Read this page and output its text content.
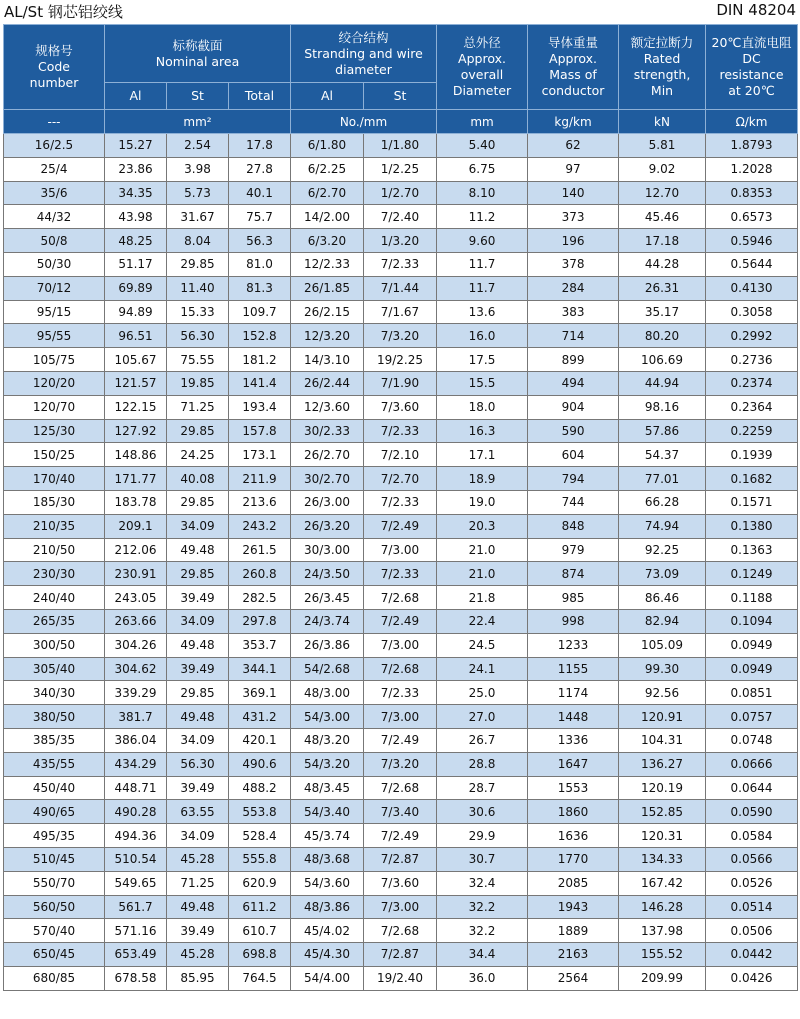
AL/St 钢芯铝绞线	DIN 48204
规格号
Code
number	标称截面
Nominal area			绞合结构
Stranding and wire
diameter		总外径
Approx.
overall
Diameter	导体重量
Approx.
Mass of
conductor	额定拉断力
Rated
strength,
Min	20℃直流电阻
DC
resistance
at 20℃

	Al	St	Total	Al	St				
---	mm²			No./mm		mm	kg/km	kN	Ω/km
16/2.5	15.27	2.54	17.8	6/1.80	1/1.80	5.40	62	5.81	1.8793
25/4	23.86	3.98	27.8	6/2.25	1/2.25	6.75	97	9.02	1.2028
35/6	34.35	5.73	40.1	6/2.70	1/2.70	8.10	140	12.70	0.8353
44/32	43.98	31.67	75.7	14/2.00	7/2.40	11.2	373	45.46	0.6573
50/8	48.25	8.04	56.3	6/3.20	1/3.20	9.60	196	17.18	0.5946
50/30	51.17	29.85	81.0	12/2.33	7/2.33	11.7	378	44.28	0.5644
70/12	69.89	11.40	81.3	26/1.85	7/1.44	11.7	284	26.31	0.4130
95/15	94.89	15.33	109.7	26/2.15	7/1.67	13.6	383	35.17	0.3058
95/55	96.51	56.30	152.8	12/3.20	7/3.20	16.0	714	80.20	0.2992
105/75	105.67	75.55	181.2	14/3.10	19/2.25	17.5	899	106.69	0.2736
120/20	121.57	19.85	141.4	26/2.44	7/1.90	15.5	494	44.94	0.2374
120/70	122.15	71.25	193.4	12/3.60	7/3.60	18.0	904	98.16	0.2364
125/30	127.92	29.85	157.8	30/2.33	7/2.33	16.3	590	57.86	0.2259
150/25	148.86	24.25	173.1	26/2.70	7/2.10	17.1	604	54.37	0.1939
170/40	171.77	40.08	211.9	30/2.70	7/2.70	18.9	794	77.01	0.1682
185/30	183.78	29.85	213.6	26/3.00	7/2.33	19.0	744	66.28	0.1571
210/35	209.1	34.09	243.2	26/3.20	7/2.49	20.3	848	74.94	0.1380
210/50	212.06	49.48	261.5	30/3.00	7/3.00	21.0	979	92.25	0.1363
230/30	230.91	29.85	260.8	24/3.50	7/2.33	21.0	874	73.09	0.1249
240/40	243.05	39.49	282.5	26/3.45	7/2.68	21.8	985	86.46	0.1188
265/35	263.66	34.09	297.8	24/3.74	7/2.49	22.4	998	82.94	0.1094
300/50	304.26	49.48	353.7	26/3.86	7/3.00	24.5	1233	105.09	0.0949
305/40	304.62	39.49	344.1	54/2.68	7/2.68	24.1	1155	99.30	0.0949
340/30	339.29	29.85	369.1	48/3.00	7/2.33	25.0	1174	92.56	0.0851
380/50	381.7	49.48	431.2	54/3.00	7/3.00	27.0	1448	120.91	0.0757
385/35	386.04	34.09	420.1	48/3.20	7/2.49	26.7	1336	104.31	0.0748
435/55	434.29	56.30	490.6	54/3.20	7/3.20	28.8	1647	136.27	0.0666
450/40	448.71	39.49	488.2	48/3.45	7/2.68	28.7	1553	120.19	0.0644
490/65	490.28	63.55	553.8	54/3.40	7/3.40	30.6	1860	152.85	0.0590
495/35	494.36	34.09	528.4	45/3.74	7/2.49	29.9	1636	120.31	0.0584
510/45	510.54	45.28	555.8	48/3.68	7/2.87	30.7	1770	134.33	0.0566
550/70	549.65	71.25	620.9	54/3.60	7/3.60	32.4	2085	167.42	0.0526
560/50	561.7	49.48	611.2	48/3.86	7/3.00	32.2	1943	146.28	0.0514
570/40	571.16	39.49	610.7	45/4.02	7/2.68	32.2	1889	137.98	0.0506
650/45	653.49	45.28	698.8	45/4.30	7/2.87	34.4	2163	155.52	0.0442
680/85	678.58	85.95	764.5	54/4.00	19/2.40	36.0	2564	209.99	0.0426
